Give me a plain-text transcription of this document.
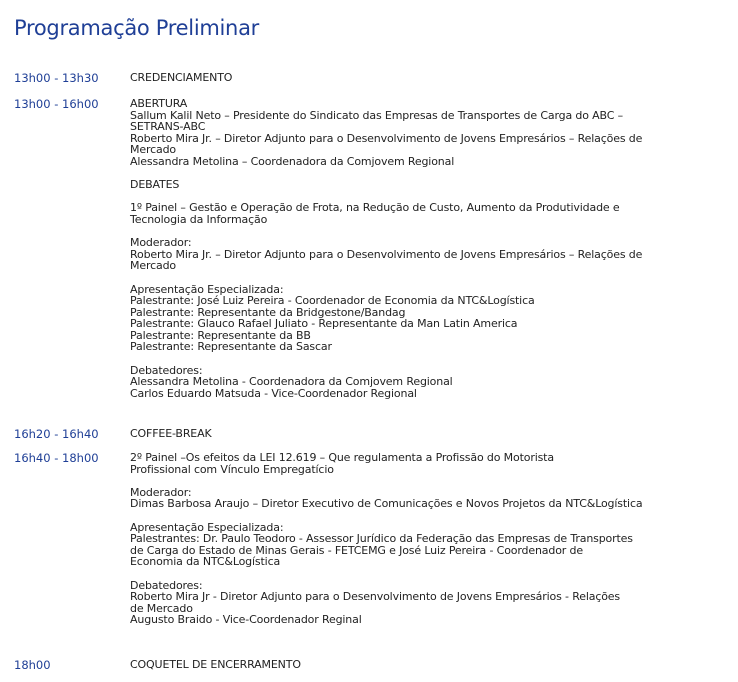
Programação Preliminar
13h00 - 13h30	CREDENCIAMENTO
13h00 - 16h00	ABERTURA
Sallum Kalil Neto – Presidente do Sindicato das Empresas de Transportes de Carga do ABC –
SETRANS-ABC
Roberto Mira Jr. – Diretor Adjunto para o Desenvolvimento de Jovens Empresários – Relações de
Mercado
Alessandra Metolina – Coordenadora da Comjovem Regional
DEBATES
1º Painel – Gestão e Operação de Frota, na Redução de Custo, Aumento da Produtividade e
Tecnologia da Informação
Moderador:
Roberto Mira Jr. – Diretor Adjunto para o Desenvolvimento de Jovens Empresários – Relações de
Mercado
Apresentação Especializada:
Palestrante: José Luiz Pereira - Coordenador de Economia da NTC&Logística
Palestrante: Representante da Bridgestone/Bandag
Palestrante: Glauco Rafael Juliato - Representante da Man Latin America
Palestrante: Representante da BB
Palestrante: Representante da Sascar
Debatedores:
Alessandra Metolina - Coordenadora da Comjovem Regional
Carlos Eduardo Matsuda - Vice-Coordenador Regional
16h20 - 16h40	COFFEE-BREAK
16h40 - 18h00	2º Painel –Os efeitos da LEI 12.619 – Que regulamenta a Profissão do Motorista
Profissional com Vínculo Empregatício
Moderador:
Dimas Barbosa Araujo – Diretor Executivo de Comunicações e Novos Projetos da NTC&Logística
Apresentação Especializada:
Palestrantes: Dr. Paulo Teodoro - Assessor Jurídico da Federação das Empresas de Transportes
de Carga do Estado de Minas Gerais - FETCEMG e José Luiz Pereira - Coordenador de
Economia da NTC&Logística
Debatedores:
Roberto Mira Jr - Diretor Adjunto para o Desenvolvimento de Jovens Empresários - Relações
de Mercado
Augusto Braido - Vice-Coordenador Reginal
18h00	COQUETEL DE ENCERRAMENTO
